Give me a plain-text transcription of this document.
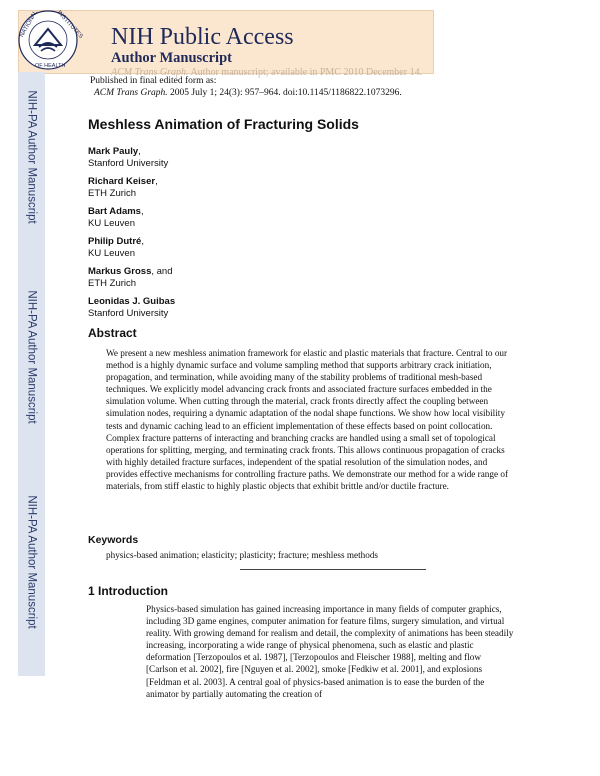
NATIONAL	INSTITUTES
OF HEALTH
NIH Public Access
Author Manuscript
ACM Trans Graph. Author manuscript; available in PMC 2010 December 14.
NIH-PA Author Manuscript
NIH-PA Author Manuscript
NIH-PA Author Manuscript
Published in final edited form as:
ACM Trans Graph. 2005 July 1; 24(3): 957–964. doi:10.1145/1186822.1073296.
Meshless Animation of Fracturing Solids
Mark Pauly,
Stanford University
Richard Keiser,
ETH Zurich
Bart Adams,
KU Leuven
Philip Dutré,
KU Leuven
Markus Gross, and
ETH Zurich
Leonidas J. Guibas
Stanford University
Abstract

We present a new meshless animation framework for elastic and plastic materials that fracture. Central to our method is a highly dynamic surface and volume sampling method that supports arbitrary crack initiation, propagation, and termination, while avoiding many of the stability problems of traditional mesh-based techniques. We explicitly model advancing crack fronts and associated fracture surfaces embedded in the simulation volume. When cutting through the material, crack fronts directly affect the coupling between simulation nodes, requiring a dynamic adaptation of the nodal shape functions. We show how local visibility tests and dynamic caching lead to an efficient implementation of these effects based on point collocation. Complex fracture patterns of interacting and branching cracks are handled using a small set of topological operations for splitting, merging, and terminating crack fronts. This allows continuous propagation of cracks with highly detailed fracture surfaces, independent of the spatial resolution of the simulation nodes, and provides effective mechanisms for controlling fracture paths. We demonstrate our method for a wide range of materials, from stiff elastic to highly plastic objects that exhibit brittle and/or ductile fracture.

Keywords

physics-based animation; elasticity; plasticity; fracture; meshless methods

1 Introduction

Physics-based simulation has gained increasing importance in many fields of computer graphics, including 3D game engines, computer animation for feature films, surgery simulation, and virtual reality. With growing demand for realism and detail, the complexity of animations has been steadily increasing, incorporating a wide range of physical phenomena, such as elastic and plastic deformation [Terzopoulos et al. 1987], [Terzopoulos and Fleischer 1988], melting and flow [Carlson et al. 2002], fire [Nguyen et al. 2002], smoke [Fedkiw et al. 2001], and explosions [Feldman et al. 2003]. A central goal of physics-based animation is to ease the burden of the animator by partially automating the creation of
